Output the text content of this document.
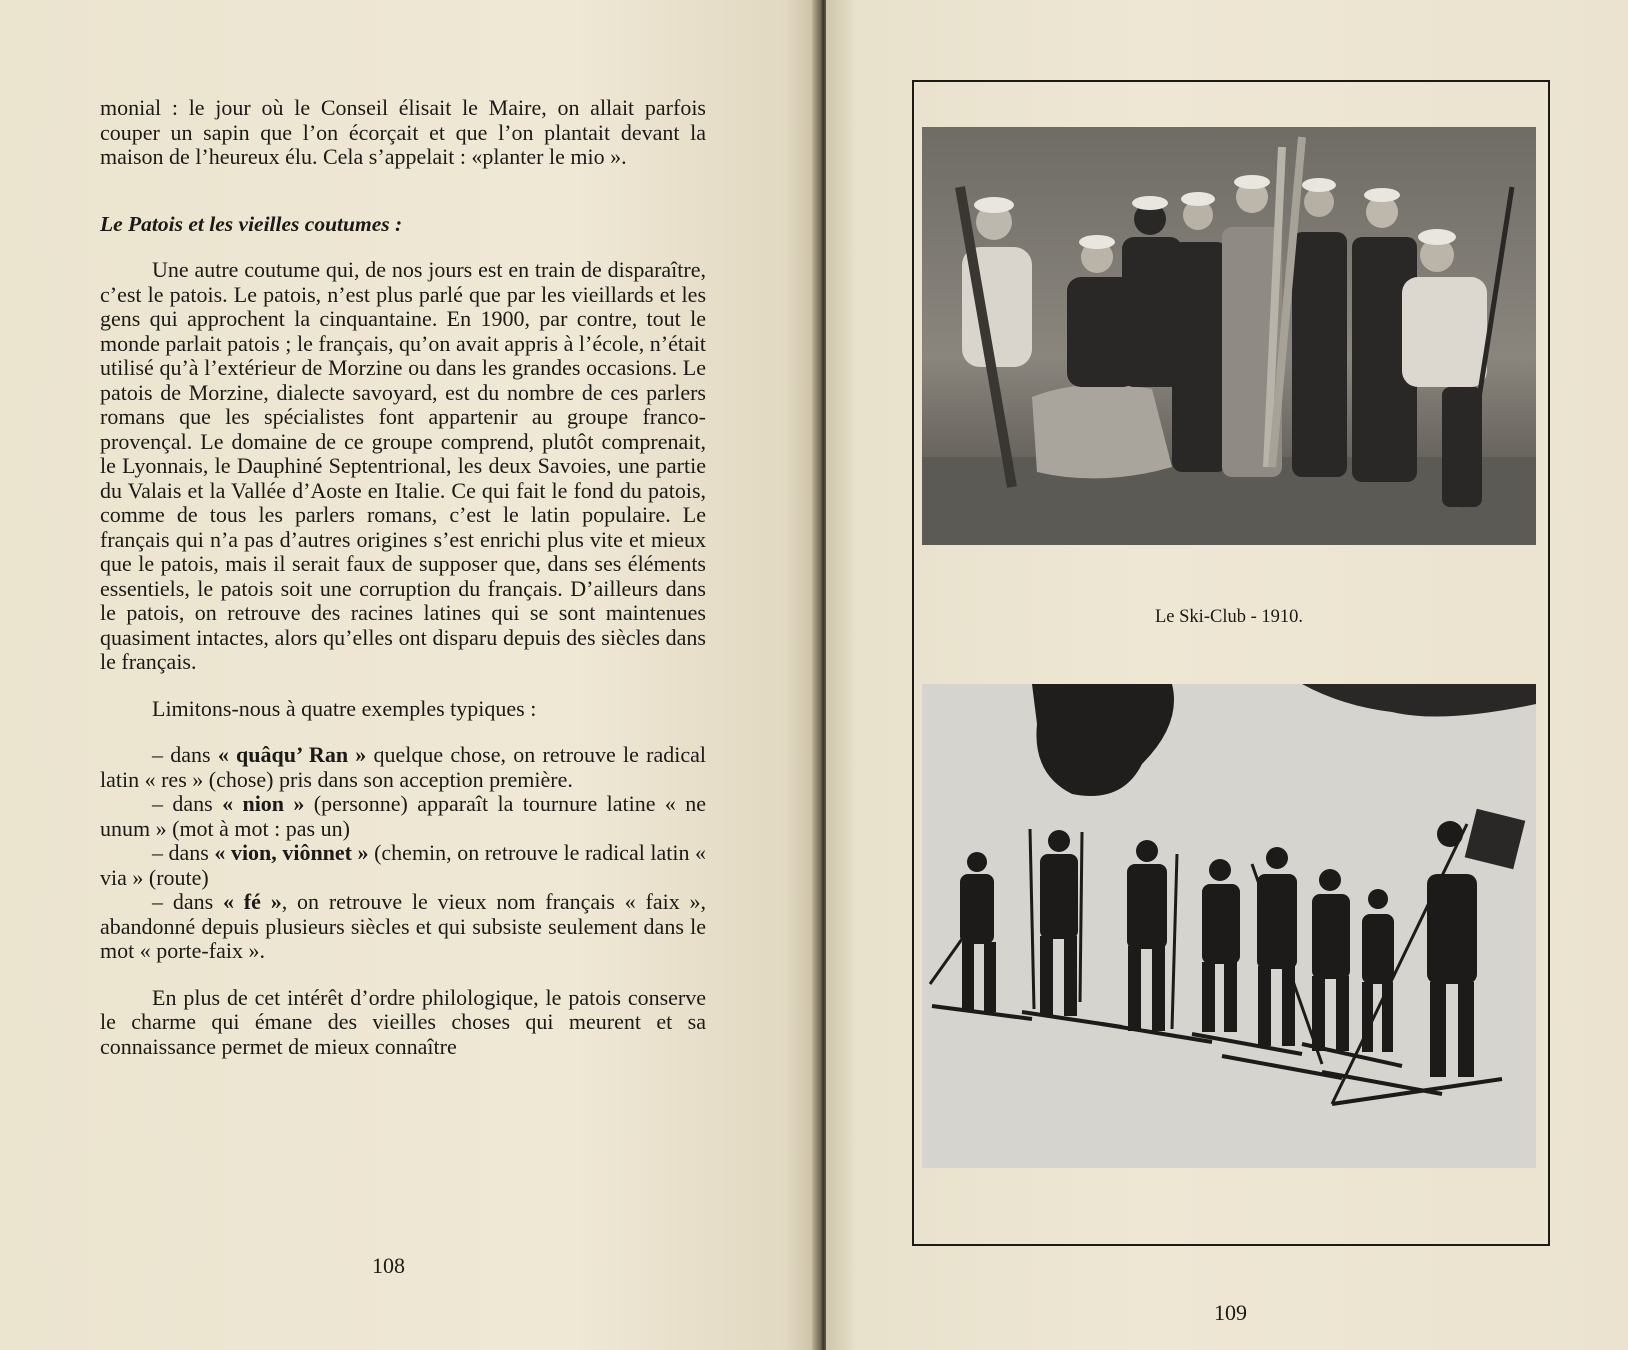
monial : le jour où le Conseil élisait le Maire, on allait parfois couper un sapin que l’on écorçait et que l’on plantait devant la maison de l’heureux élu. Cela s’appelait : «planter le mio ».

Le Patois et les vieilles coutumes :

Une autre coutume qui, de nos jours est en train de disparaître, c’est le patois. Le patois, n’est plus parlé que par les vieillards et les gens qui approchent la cinquantaine. En 1900, par contre, tout le monde parlait patois ; le français, qu’on avait appris à l’école, n’était utilisé qu’à l’extérieur de Morzine ou dans les grandes occasions. Le patois de Morzine, dialecte savoyard, est du nombre de ces parlers romans que les spécialistes font appartenir au groupe franco-provençal. Le domaine de ce groupe comprend, plutôt comprenait, le Lyonnais, le Dauphiné Septentrional, les deux Savoies, une partie du Valais et la Vallée d’Aoste en Italie. Ce qui fait le fond du patois, comme de tous les parlers romans, c’est le latin populaire. Le français qui n’a pas d’autres origines s’est enrichi plus vite et mieux que le patois, mais il serait faux de supposer que, dans ses éléments essentiels, le patois soit une corruption du français. D’ailleurs dans le patois, on retrouve des racines latines qui se sont maintenues quasiment intactes, alors qu’elles ont disparu depuis des siècles dans le français.

Limitons-nous à quatre exemples typiques :

– dans « quâqu’ Ran » quelque chose, on retrouve le radical latin « res » (chose) pris dans son acception première.

– dans « nion » (personne) apparaît la tournure latine « ne unum » (mot à mot : pas un)

– dans « vion, viônnet » (chemin, on retrouve le radical latin « via » (route)

– dans « fé », on retrouve le vieux nom français « faix », abandonné depuis plusieurs siècles et qui subsiste seulement dans le mot « porte-faix ».

En plus de cet intérêt d’ordre philologique, le patois conserve le charme qui émane des vieilles choses qui meurent et sa connaissance permet de mieux connaître

108
Le Ski-Club - 1910.
109
